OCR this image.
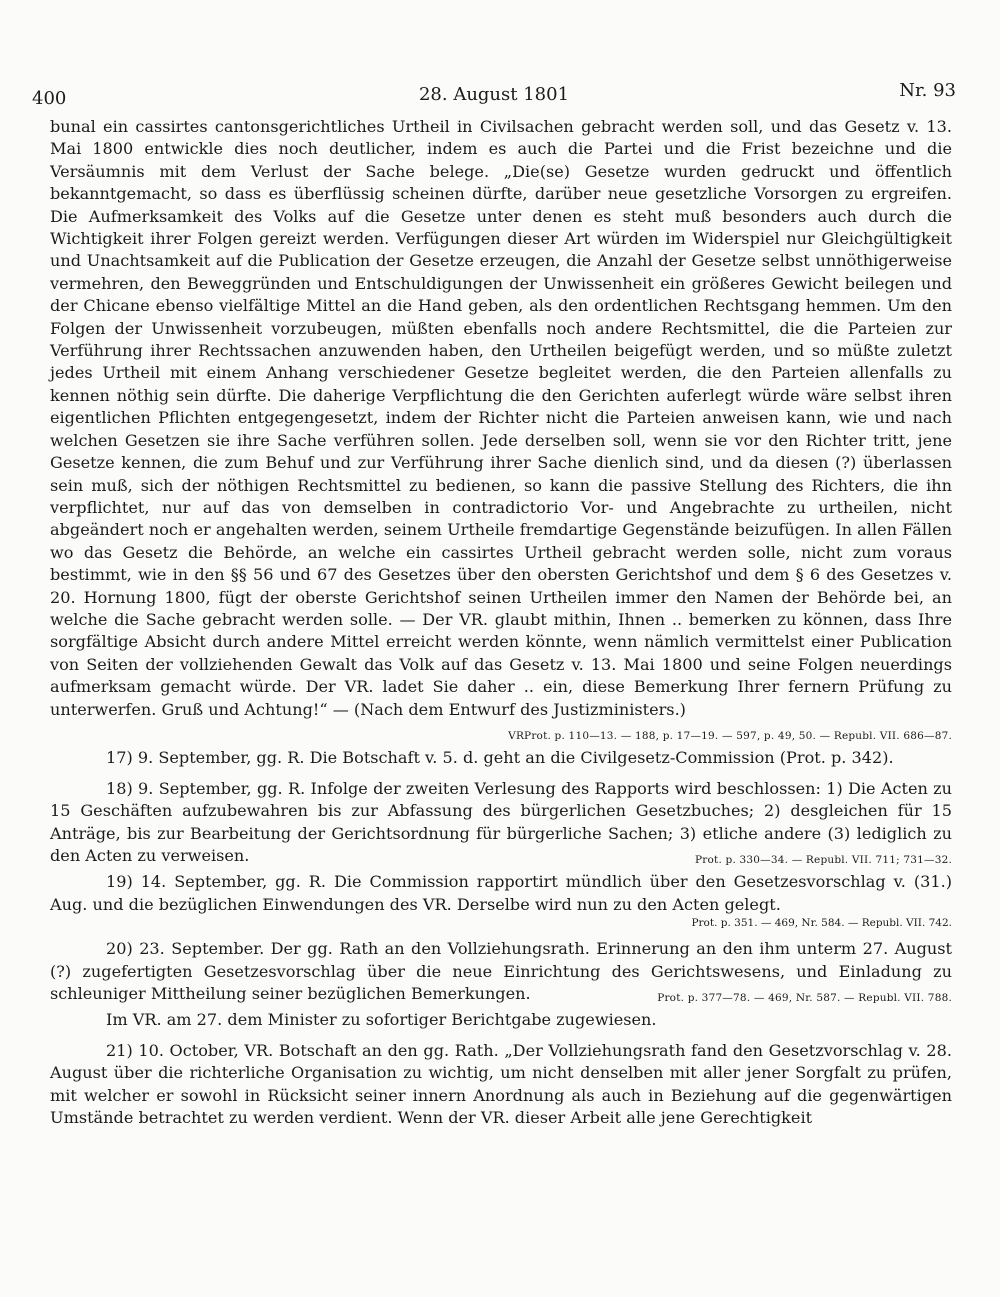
400	28. August 1801	Nr. 93

bunal ein cassirtes cantonsgerichtliches Urtheil in Civilsachen gebracht werden soll, und das Gesetz v. 13. Mai 1800 entwickle dies noch deutlicher, indem es auch die Partei und die Frist bezeichne und die Versäumnis mit dem Verlust der Sache belege. „Die(se) Gesetze wurden gedruckt und öffentlich bekanntgemacht, so dass es überflüssig scheinen dürfte, darüber neue gesetzliche Vorsorgen zu ergreifen. Die Aufmerksamkeit des Volks auf die Gesetze unter denen es steht muß besonders auch durch die Wichtigkeit ihrer Folgen gereizt werden. Verfügungen dieser Art würden im Widerspiel nur Gleichgültigkeit und Unachtsamkeit auf die Publication der Gesetze erzeugen, die Anzahl der Gesetze selbst unnöthigerweise vermehren, den Beweggründen und Entschuldigungen der Unwissenheit ein größeres Gewicht beilegen und der Chicane ebenso vielfältige Mittel an die Hand geben, als den ordentlichen Rechtsgang hemmen. Um den Folgen der Unwissenheit vorzubeugen, müßten ebenfalls noch andere Rechtsmittel, die die Parteien zur Verführung ihrer Rechtssachen anzuwenden haben, den Urtheilen beigefügt werden, und so müßte zuletzt jedes Urtheil mit einem Anhang verschiedener Gesetze begleitet werden, die den Parteien allenfalls zu kennen nöthig sein dürfte. Die daherige Verpflichtung die den Gerichten auferlegt würde wäre selbst ihren eigentlichen Pflichten entgegengesetzt, indem der Richter nicht die Parteien anweisen kann, wie und nach welchen Gesetzen sie ihre Sache verführen sollen. Jede derselben soll, wenn sie vor den Richter tritt, jene Gesetze kennen, die zum Behuf und zur Verführung ihrer Sache dienlich sind, und da diesen (?) überlassen sein muß, sich der nöthigen Rechtsmittel zu bedienen, so kann die passive Stellung des Richters, die ihn verpflichtet, nur auf das von demselben in contradictorio Vor- und Angebrachte zu urtheilen, nicht abgeändert noch er angehalten werden, seinem Urtheile fremdartige Gegenstände beizufügen. In allen Fällen wo das Gesetz die Behörde, an welche ein cassirtes Urtheil gebracht werden solle, nicht zum voraus bestimmt, wie in den §§ 56 und 67 des Gesetzes über den obersten Gerichtshof und dem § 6 des Gesetzes v. 20. Hornung 1800, fügt der oberste Gerichtshof seinen Urtheilen immer den Namen der Behörde bei, an welche die Sache gebracht werden solle. — Der VR. glaubt mithin, Ihnen .. bemerken zu können, dass Ihre sorgfältige Absicht durch andere Mittel erreicht werden könnte, wenn nämlich vermittelst einer Publication von Seiten der vollziehenden Gewalt das Volk auf das Gesetz v. 13. Mai 1800 und seine Folgen neuerdings aufmerksam gemacht würde. Der VR. ladet Sie daher .. ein, diese Bemerkung Ihrer fernern Prüfung zu unterwerfen. Gruß und Achtung!“ — (Nach dem Entwurf des Justizministers.)
VRProt. p. 110—13. — 188, p. 17—19. — 597, p. 49, 50. — Republ. VII. 686—87.

17) 9. September, gg. R. Die Botschaft v. 5. d. geht an die Civilgesetz-Commission (Prot. p. 342).

18) 9. September, gg. R. Infolge der zweiten Verlesung des Rapports wird beschlossen: 1) Die Acten zu 15 Geschäften aufzubewahren bis zur Abfassung des bürgerlichen Gesetzbuches; 2) desgleichen für 15 Anträge, bis zur Bearbeitung der Gerichtsordnung für bürgerliche Sachen; 3) etliche andere (3) lediglich zu den Acten zu verweisen.	Prot. p. 330—34. — Republ. VII. 711; 731—32.

19) 14. September, gg. R. Die Commission rapportirt mündlich über den Gesetzesvorschlag v. (31.) Aug. und die bezüglichen Einwendungen des VR. Derselbe wird nun zu den Acten gelegt.
Prot. p. 351. — 469, Nr. 584. — Republ. VII. 742.

20) 23. September. Der gg. Rath an den Vollziehungsrath. Erinnerung an den ihm unterm 27. August (?) zugefertigten Gesetzesvorschlag über die neue Einrichtung des Gerichtswesens, und Einladung zu schleuniger Mittheilung seiner bezüglichen Bemerkungen.	Prot. p. 377—78. — 469, Nr. 587. — Republ. VII. 788.

Im VR. am 27. dem Minister zu sofortiger Berichtgabe zugewiesen.

21) 10. October, VR. Botschaft an den gg. Rath. „Der Vollziehungsrath fand den Gesetzvorschlag v. 28. August über die richterliche Organisation zu wichtig, um nicht denselben mit aller jener Sorgfalt zu prüfen, mit welcher er sowohl in Rücksicht seiner innern Anordnung als auch in Beziehung auf die gegenwärtigen Umstände betrachtet zu werden verdient. Wenn der VR. dieser Arbeit alle jene Gerechtigkeit
